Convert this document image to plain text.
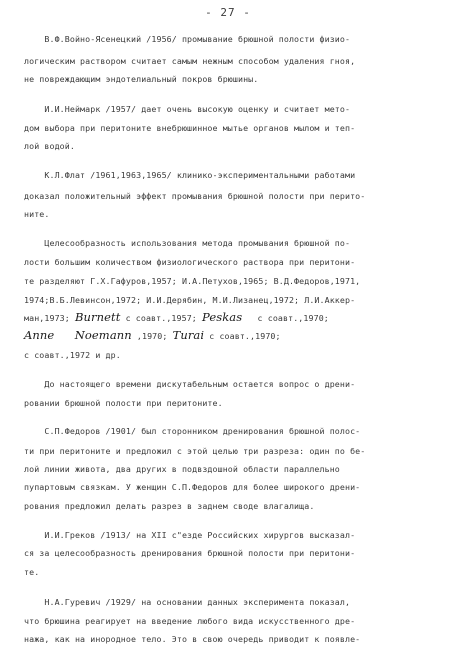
- 27 -

В.Ф.Войно-Ясенецкий /1956/ промывание брюшной полости физио-

логическим раствором считает самым нежным способом удаления гноя,

не повреждающим эндотелиальный покров брюшины.

И.И.Неймарк /1957/ дает очень высокую оценку и считает мето-

дом выбора при перитоните внебрюшинное мытье органов мылом и теп-

лой водой.

К.Л.Флат /1961,1963,1965/ клинико-экспериментальными работами

доказал положительный эффект промывания брюшной полости при перито-

ните.

Целесообразность использования метода промывания брюшной по-

лости большим количеством физиологического раствора при перитони-

те разделяют Г.Х.Гафуров,1957; И.А.Петухов,1965; В.Д.Федоров,1971,

1974;В.Б.Левинсон,1972; И.И.Дерябин, М.И.Лизанец,1972; Л.И.Аккер-

ман,1973; Burnett с соавт.,1957; Peskas   с соавт.,1970;

Anne Noemann ,1970; Turai с соавт.,1970;

с соавт.,1972 и др.

До настоящего времени дискутабельным остается вопрос о дрени-

ровании брюшной полости при перитоните.

С.П.Федоров /1901/ был сторонником дренирования брюшной полос-

ти при перитоните и предложил с этой целью три разреза: один по бе-

лой линии живота, два других в подвздошной области параллельно

пупартовым связкам. У женщин С.П.Федоров для более широкого дрени-

рования предложил делать разрез в заднем своде влагалища.

И.И.Греков /1913/ на XII с"езде Российских хирургов высказал-

ся за целесообразность дренирования брюшной полости при перитони-

те.

Н.А.Гуревич /1929/ на основании данных эксперимента показал,

что брюшина реагирует на введение любого вида искусственного дре-

нажа, как на инородное тело. Это в свою очередь приводит к появле-
